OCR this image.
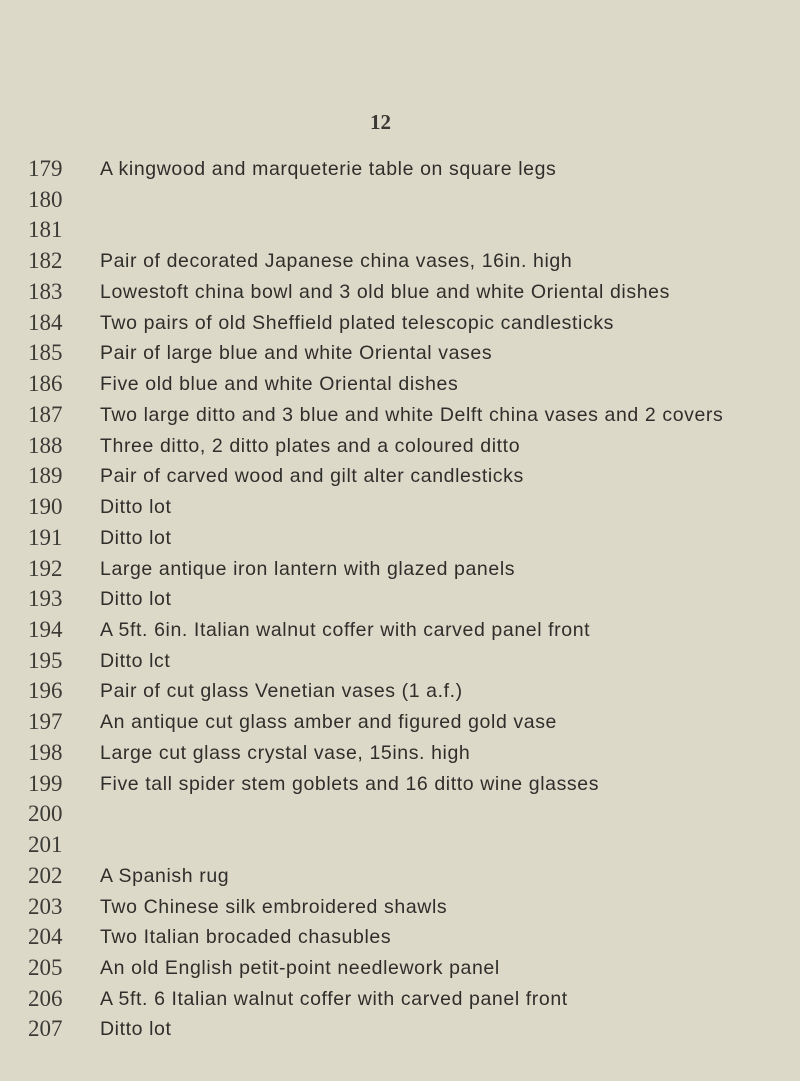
12
179	A kingwood and marqueterie table on square legs
180
181
182	Pair of decorated Japanese china vases, 16in. high
183	Lowestoft china bowl and 3 old blue and white Oriental dishes
184	Two pairs of old Sheffield plated telescopic candlesticks
185	Pair of large blue and white Oriental vases
186	Five old blue and white Oriental dishes
187	Two large ditto and 3 blue and white Delft china vases and 2 covers
188	Three ditto, 2 ditto plates and a coloured ditto
189	Pair of carved wood and gilt alter candlesticks
190	Ditto lot
191	Ditto lot
192	Large antique iron lantern with glazed panels
193	Ditto lot
194	A 5ft. 6in. Italian walnut coffer with carved panel front
195	Ditto lct
196	Pair of cut glass Venetian vases (1 a.f.)
197	An antique cut glass amber and figured gold vase
198	Large cut glass crystal vase, 15ins. high
199	Five tall spider stem goblets and 16 ditto wine glasses
200
201
202	A Spanish rug
203	Two Chinese silk embroidered shawls
204	Two Italian brocaded chasubles
205	An old English petit-point needlework panel
206	A 5ft. 6 Italian walnut coffer with carved panel front
207	Ditto lot
